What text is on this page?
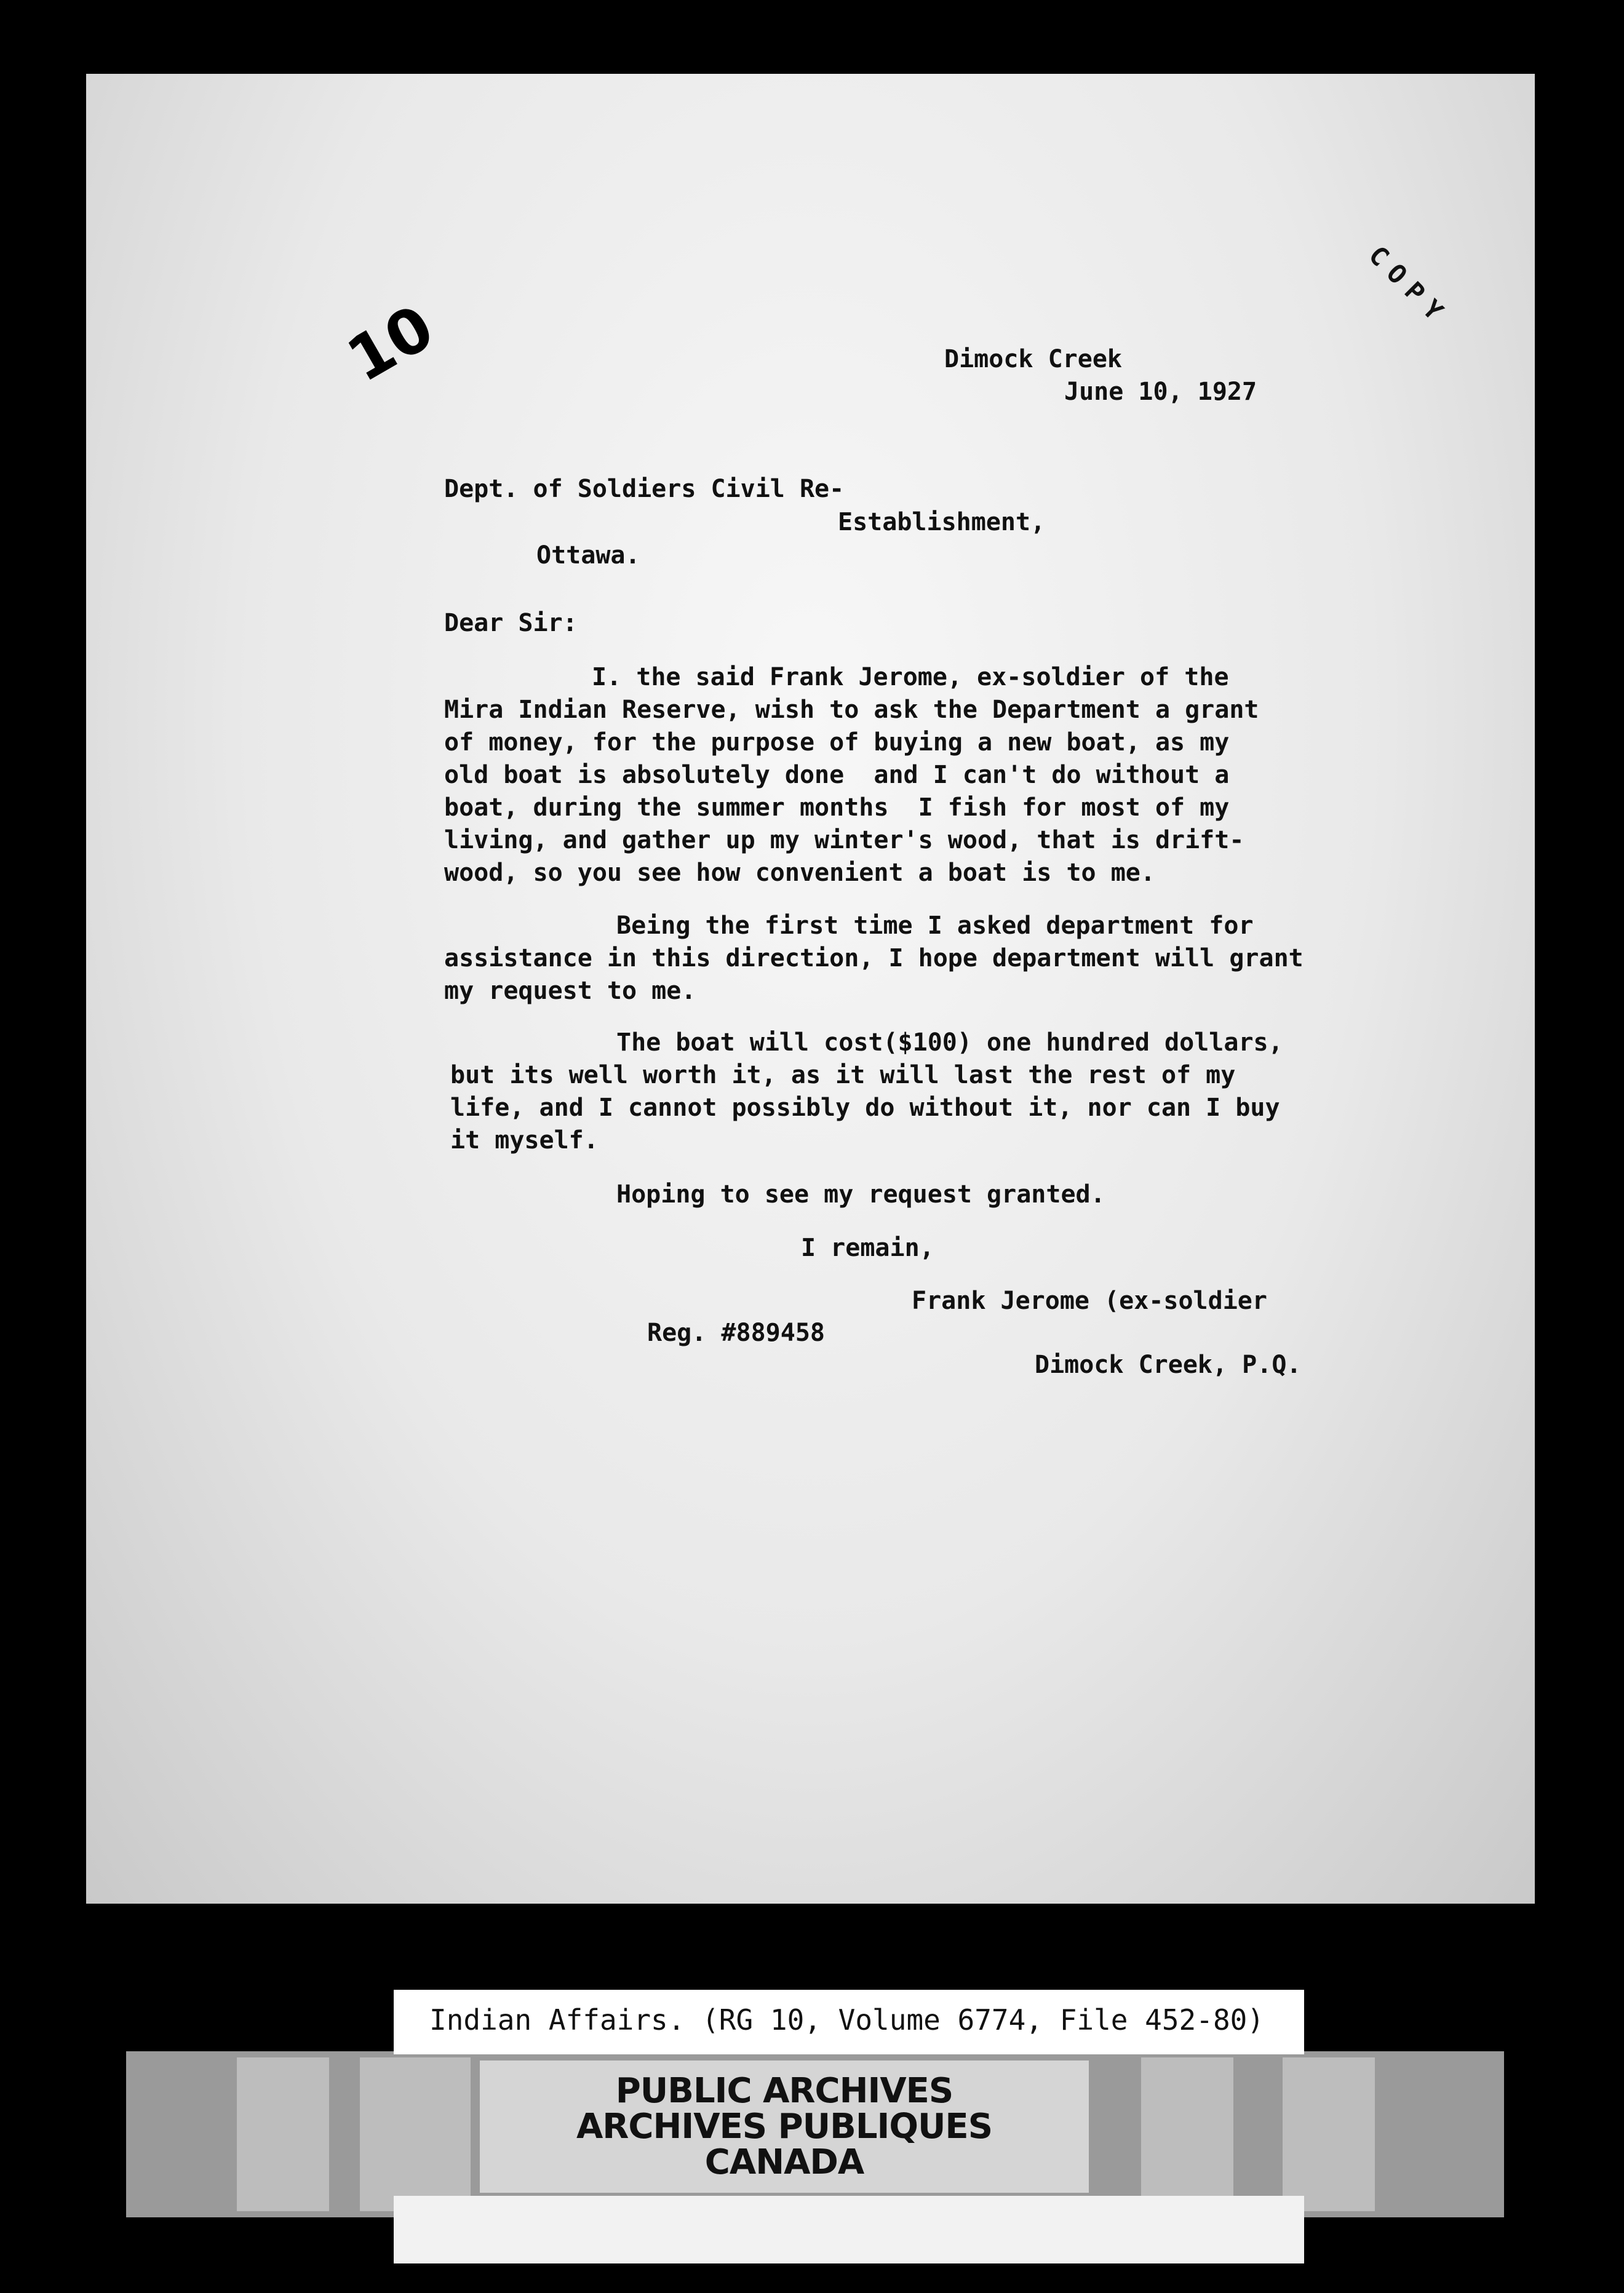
COPY
10	Dimock Creek

June 10, 1927

Dept. of Soldiers Civil Re-

Establishment,

Ottawa.

Dear Sir:

I. the said Frank Jerome, ex-soldier of the

Mira Indian Reserve, wish to ask the Department a grant

of money, for the purpose of buying a new boat, as my

old boat is absolutely done  and I can't do without a

boat, during the summer months  I fish for most of my

living, and gather up my winter's wood, that is drift-

wood, so you see how convenient a boat is to me.

Being the first time I asked department for

assistance in this direction, I hope department will grant

my request to me.

The boat will cost($100) one hundred dollars,

but its well worth it, as it will last the rest of my

life, and I cannot possibly do without it, nor can I buy

it myself.

Hoping to see my request granted.

I remain,

Frank Jerome (ex-soldier

Reg. #889458

Dimock Creek, P.Q.

Indian Affairs. (RG 10, Volume 6774, File 452-80)
PUBLIC ARCHIVES
ARCHIVES PUBLIQUES
CANADA
